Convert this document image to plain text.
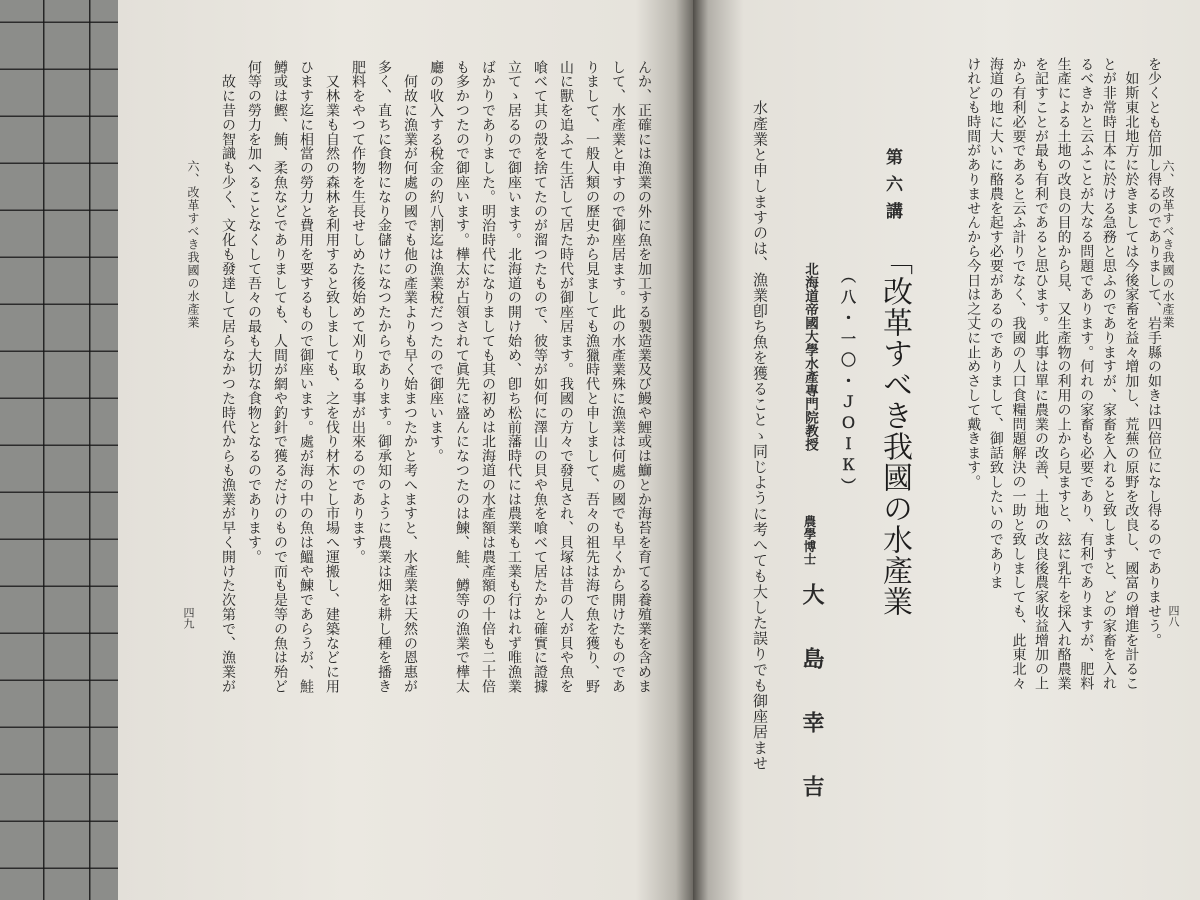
んか、正確には漁業の外に魚を加工する製造業及び鰻や鯉或は鰤とか海苔を育てる養殖業を含めま
して、水產業と申すので御座居ます。此の水產業殊に漁業は何處の國でも早くから開けたものであ
りまして、一般人類の歷史から見ましても漁獵時代と申しまして、吾々の祖先は海で魚を獲り、野
山に獸を追ふて生活して居た時代が御座居ます。我國の方々で發見され、貝塚は昔の人が貝や魚を
喰べて其の殼を捨てたのが溜つたもので、彼等が如何に澤山の貝や魚を喰べて居たかと確實に證據
立てゝ居るので御座います。北海道の開け始め、卽ち松前藩時代には農業も工業も行はれず唯漁業
ばかりでありました。明治時代になりましても其の初めは北海道の水產額は農產額の十倍も二十倍
も多かつたので御座います。樺太が占領されて眞先に盛んになつたのは鰊、鮭、鱒等の漁業で樺太
廳の收入する稅金の約八割迄は漁業稅だつたので御座います。
　何故に漁業が何處の國でも他の產業よりも早く始まつたかと考へますと、水產業は天然の恩惠が
多く、直ちに食物になり金儲けになつたからであります。御承知のように農業は畑を耕し種を播き
肥料をやつて作物を生長せしめた後始めて刈り取る事が出來るのであります。
　又林業も自然の森林を利用すると致しましても、之を伐り材木とし市場へ運搬し、建築などに用
ひます迄に相當の勞力と費用を要するもので御座います。處が海の中の魚は鰮や鰊であらうが、鮭
鱒或は鰹、鮪、柔魚などでありましても、人間が網や釣針で獲るだけのもので而も是等の魚は殆ど
何等の勞力を加へることなくして吾々の最も大切な食物となるのであります。
　故に昔の智識も少く、文化も發達して居らなかつた時代からも漁業が早く開けた次第で、漁業が
六、改革すべき我國の水產業
四九	を少くとも倍加し得るのでありまして、岩手縣の如きは四倍位になし得るのでありませう。
　如斯東北地方に於きましては今後家畜を益々增加し、荒蕪の原野を改良し、國富の增進を計るこ
とが非常時日本に於ける急務と思ふのでありますが、家畜を入れると致しますと、どの家畜を入れ
るべきかと云ふことが大なる問題であります。何れの家畜も必要であり、有利でありますが、肥料
生產による土地の改良の目的から見、又生產物の利用の上から見ますと、玆に乳牛を採入れ酪農業
を記すことが最も有利であると思ひます。此事は單に農業の改善、土地の改良後農家收益增加の上
から有利必要であると云ふ計りでなく、我國の人口食糧問題解決の一助と致しましても、此東北々
海道の地に大いに酪農を起す必要があるのでありまして、御話致したいのでありま
けれども時間がありませんから今日は之丈に止めさして戴きます。	六、改革すべき我國の水產業
四八
第六講
「改革すべき我國の水產業
（八・一〇・ＪＯＩＫ）
北海道帝國大學水產專門院教授
農學博士
大島幸吉
水產業と申しますのは、漁業卽ち魚を獲ることゝ同じように考へても大した誤りでも御座居ませ
